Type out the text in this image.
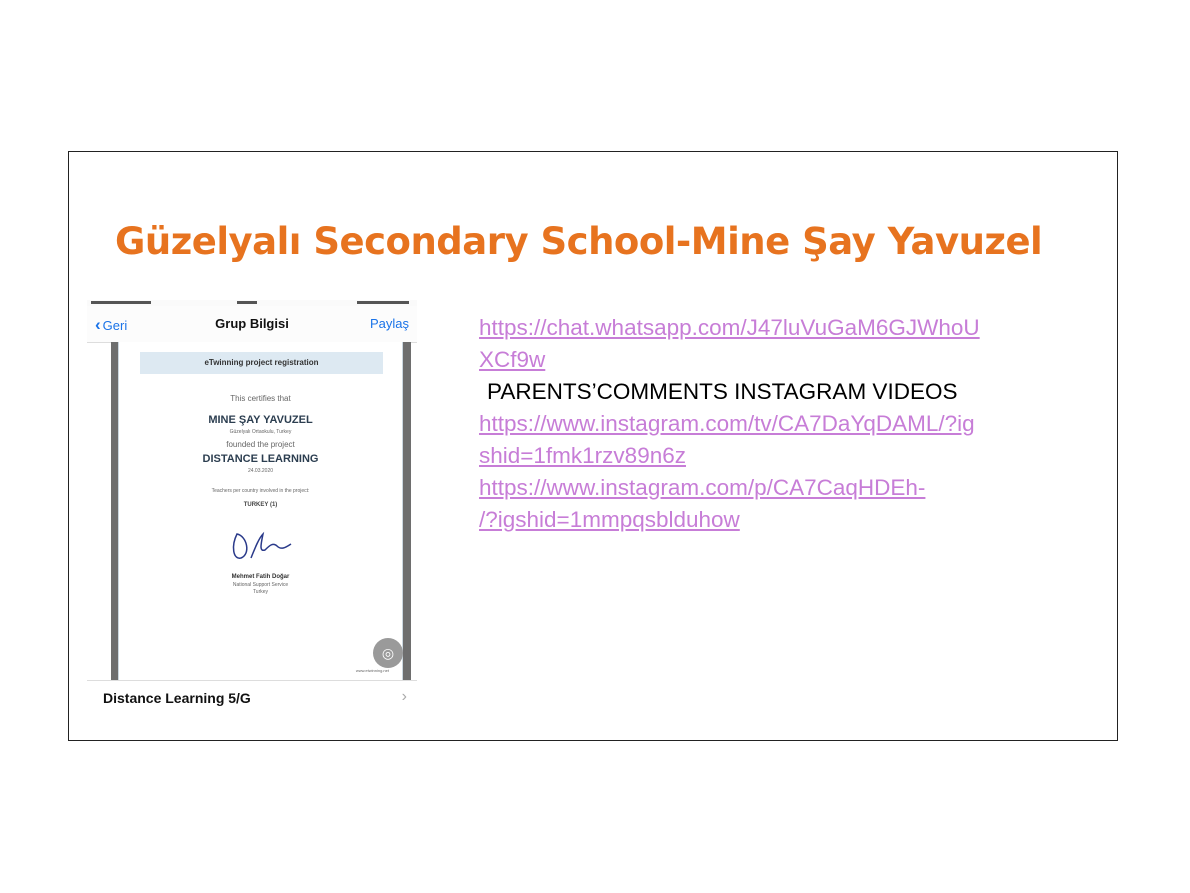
Güzelyalı Secondary School-Mine Şay Yavuzel
‹ Geri	Grup Bilgisi	Paylaş
eTwinning project registration
This certifies that
MINE ŞAY YAVUZEL
Güzelyalı Ortaokulu, Turkey
founded the project
DISTANCE LEARNING
24.03.2020
Teachers per country involved in the project:
TURKEY (1)
Mehmet Fatih Doğar
National Support Service
Turkey
www.etwinning.net
◎
Distance Learning 5/G	›
https://chat.whatsapp.com/J47luVuGaM6GJWhoU
XCf9w
PARENTS’COMMENTS INSTAGRAM VIDEOS
https://www.instagram.com/tv/CA7DaYqDAML/?ig
shid=1fmk1rzv89n6z
https://www.instagram.com/p/CA7CaqHDEh-
/?igshid=1mmpqsblduhow
